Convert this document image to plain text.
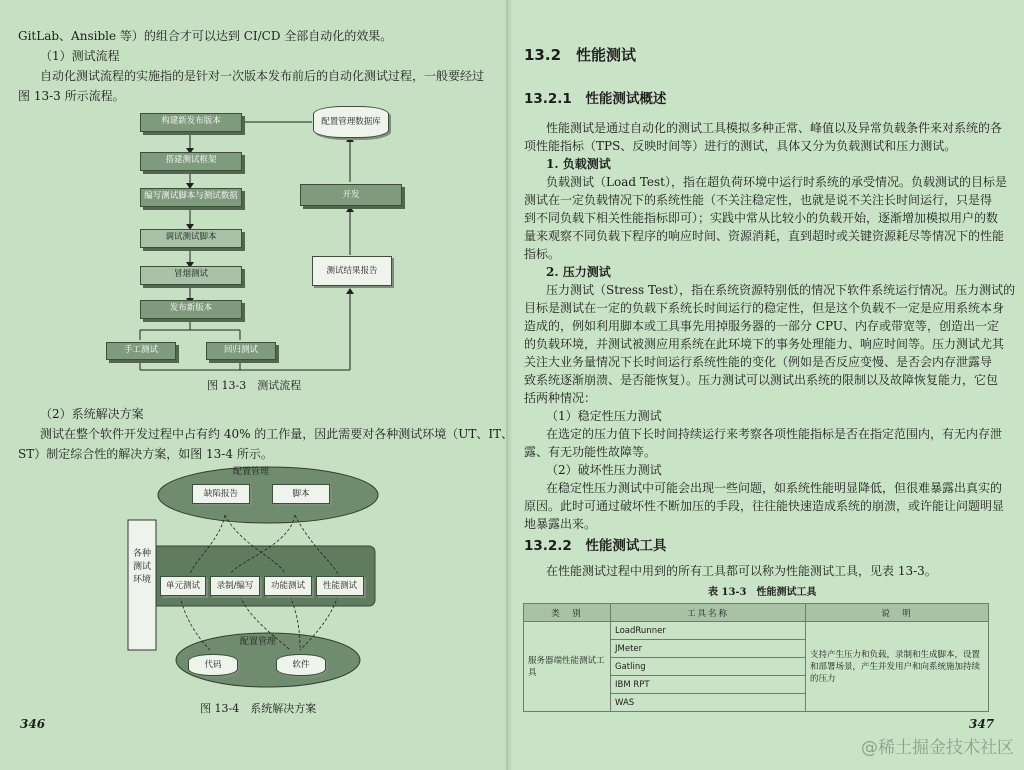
GitLab、Ansible 等）的组合才可以达到 CI/CD 全部自动化的效果。
（1）测试流程
自动化测试流程的实施指的是针对一次版本发布前后的自动化测试过程，一般要经过
图 13-3 所示流程。
构建新发布版本
搭建测试框架
编写测试脚本与测试数据
调试测试脚本
冒烟测试
发布新版本
手工测试	回归测试
配置管理数据库
开发
测试结果报告
图 13-3　测试流程
（2）系统解决方案
测试在整个软件开发过程中占有约 40% 的工作量，因此需要对各种测试环境（UT、IT、
ST）制定综合性的解决方案，如图 13-4 所示。
配置管理
缺陷报告	脚本
各种测试环境
单元测试	录制/编写	功能测试	性能测试
配置管理
代码	软件
图 13-4　系统解决方案
346
13.2　性能测试
13.2.1　性能测试概述
性能测试是通过自动化的测试工具模拟多种正常、峰值以及异常负载条件来对系统的各
项性能指标（TPS、反映时间等）进行的测试，具体又分为负载测试和压力测试。
1. 负载测试
负载测试（Load Test），指在超负荷环境中运行时系统的承受情况。负载测试的目标是
测试在一定负载情况下的系统性能（不关注稳定性，也就是说不关注长时间运行，只是得
到不同负载下相关性能指标即可）；实践中常从比较小的负载开始，逐渐增加模拟用户的数
量来观察不同负载下程序的响应时间、资源消耗，直到超时或关键资源耗尽等情况下的性能
指标。
2. 压力测试
压力测试（Stress Test），指在系统资源特别低的情况下软件系统运行情况。压力测试的
目标是测试在一定的负载下系统长时间运行的稳定性，但是这个负载不一定是应用系统本身
造成的，例如利用脚本或工具事先用掉服务器的一部分 CPU、内存或带宽等，创造出一定
的负载环境，并测试被测应用系统在此环境下的事务处理能力、响应时间等。压力测试尤其
关注大业务量情况下长时间运行系统性能的变化（例如是否反应变慢、是否会内存泄露导
致系统逐渐崩溃、是否能恢复）。压力测试可以测试出系统的限制以及故障恢复能力，它包
括两种情况：
（1）稳定性压力测试
在选定的压力值下长时间持续运行来考察各项性能指标是否在指定范围内，有无内存泄
露、有无功能性故障等。
（2）破坏性压力测试
在稳定性压力测试中可能会出现一些问题，如系统性能明显降低，但很难暴露出真实的
原因。此时可通过破坏性不断加压的手段，往往能快速造成系统的崩溃，或许能让问题明显
地暴露出来。
13.2.2　性能测试工具
在性能测试过程中用到的所有工具都可以称为性能测试工具，见表 13-3。
表 13-3　性能测试工具
类　别	工具名称	说　明
服务器端性能测试工具	LoadRunner	支持产生压力和负载，录制和生成脚本，设置和部署场景，产生并发用户和向系统施加持续的压力
	JMeter	
	Gatling	
	IBM RPT	
	WAS	
347
@稀土掘金技术社区
